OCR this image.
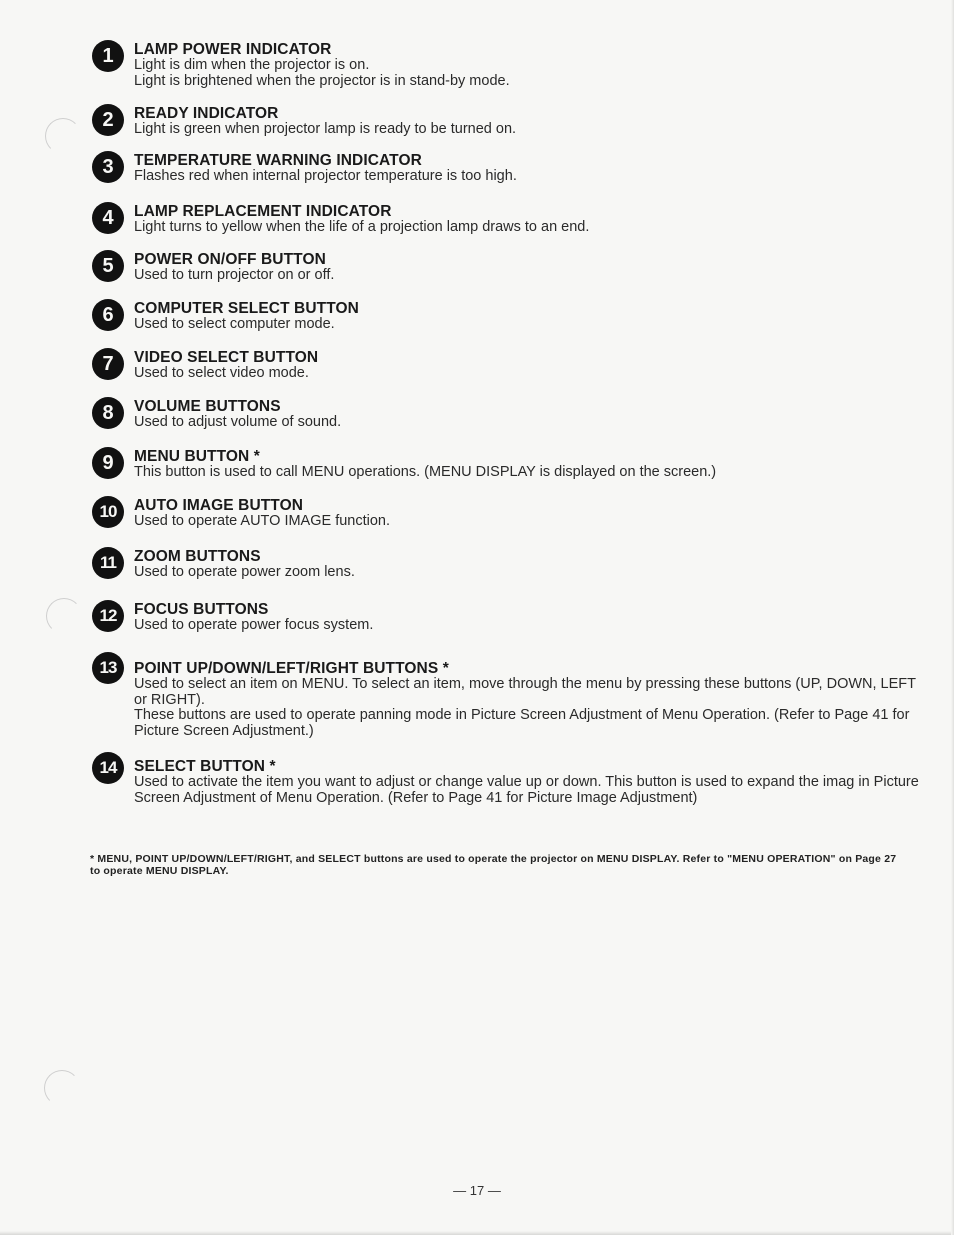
1	LAMP POWER INDICATOR
Light is dim when the projector is on.
Light is brightened when the projector is in stand-by mode.
2	READY INDICATOR
Light is green when projector lamp is ready to be turned on.
3	TEMPERATURE WARNING INDICATOR
Flashes red when internal projector temperature is too high.
4	LAMP REPLACEMENT INDICATOR
Light turns to yellow when the life of a projection lamp draws to an end.
5	POWER ON/OFF BUTTON
Used to turn projector on or off.
6	COMPUTER SELECT BUTTON
Used to select computer mode.
7	VIDEO SELECT BUTTON
Used to select video mode.
8	VOLUME BUTTONS
Used to adjust volume of sound.
9	MENU BUTTON *
This button is used to call MENU operations. (MENU DISPLAY is displayed on the screen.)
10	AUTO IMAGE BUTTON
Used to operate AUTO IMAGE function.
11	ZOOM BUTTONS
Used to operate power zoom lens.
12	FOCUS BUTTONS
Used to operate power focus system.
13	POINT UP/DOWN/LEFT/RIGHT BUTTONS *
Used to select an item on MENU. To select an item, move through the menu by pressing these buttons (UP, DOWN, LEFT or RIGHT).
These buttons are used to operate panning mode in Picture Screen Adjustment of Menu Operation. (Refer to Page 41 for Picture Screen Adjustment.)
14	SELECT BUTTON *
Used to activate the item you want to adjust or change value up or down. This button is used to expand the imag in Picture Screen Adjustment of Menu Operation. (Refer to Page 41 for Picture Image Adjustment)
* MENU, POINT UP/DOWN/LEFT/RIGHT, and SELECT buttons are used to operate the projector on MENU DISPLAY. Refer to "MENU OPERATION" on Page 27 to operate MENU DISPLAY.
— 17 —
